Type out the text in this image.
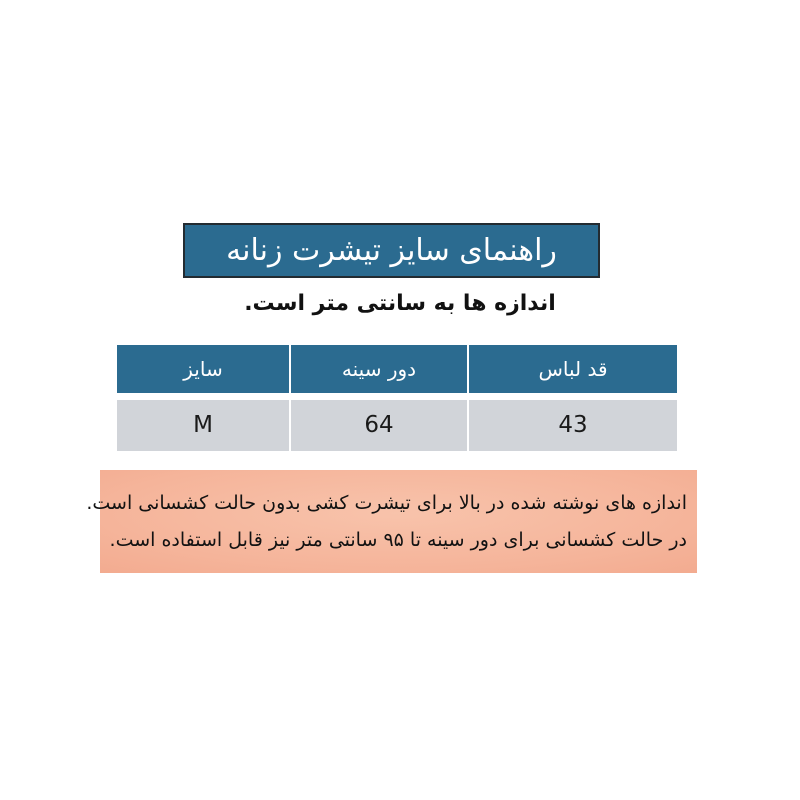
راهنمای سایز تیشرت زنانه
اندازه ها به سانتی متر است.
قد لباس
دور سینه
سایز
43
64
M
اندازه های نوشته شده در بالا برای تیشرت کشی بدون حالت کشسانی است.
در حالت کشسانی برای دور سینه تا ۹۵ سانتی متر نیز قابل استفاده است.
